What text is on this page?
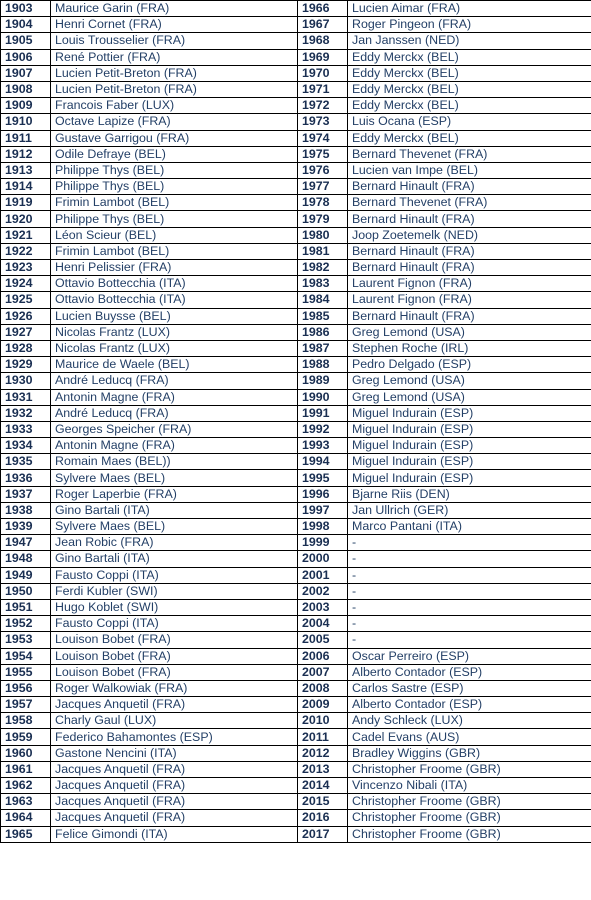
1903	Maurice Garin (FRA)	1966	Lucien Aimar (FRA)
1904	Henri Cornet (FRA)	1967	Roger Pingeon (FRA)
1905	Louis Trousselier (FRA)	1968	Jan Janssen (NED)
1906	René Pottier (FRA)	1969	Eddy Merckx (BEL)
1907	Lucien Petit-Breton (FRA)	1970	Eddy Merckx (BEL)
1908	Lucien Petit-Breton (FRA)	1971	Eddy Merckx (BEL)
1909	Francois Faber (LUX)	1972	Eddy Merckx (BEL)
1910	Octave Lapize (FRA)	1973	Luis Ocana (ESP)
1911	Gustave Garrigou (FRA)	1974	Eddy Merckx (BEL)
1912	Odile Defraye (BEL)	1975	Bernard Thevenet (FRA)
1913	Philippe Thys (BEL)	1976	Lucien van Impe (BEL)
1914	Philippe Thys (BEL)	1977	Bernard Hinault (FRA)
1919	Frimin Lambot (BEL)	1978	Bernard Thevenet (FRA)
1920	Philippe Thys (BEL)	1979	Bernard Hinault (FRA)
1921	Léon Scieur (BEL)	1980	Joop Zoetemelk (NED)
1922	Frimin Lambot (BEL)	1981	Bernard Hinault (FRA)
1923	Henri Pelissier (FRA)	1982	Bernard Hinault (FRA)
1924	Ottavio Bottecchia (ITA)	1983	Laurent Fignon (FRA)
1925	Ottavio Bottecchia (ITA)	1984	Laurent Fignon (FRA)
1926	Lucien Buysse (BEL)	1985	Bernard Hinault (FRA)
1927	Nicolas Frantz (LUX)	1986	Greg Lemond (USA)
1928	Nicolas Frantz (LUX)	1987	Stephen Roche (IRL)
1929	Maurice de Waele (BEL)	1988	Pedro Delgado (ESP)
1930	André Leducq (FRA)	1989	Greg Lemond (USA)
1931	Antonin Magne (FRA)	1990	Greg Lemond (USA)
1932	André Leducq (FRA)	1991	Miguel Indurain (ESP)
1933	Georges Speicher (FRA)	1992	Miguel Indurain (ESP)
1934	Antonin Magne (FRA)	1993	Miguel Indurain (ESP)
1935	Romain Maes (BEL))	1994	Miguel Indurain (ESP)
1936	Sylvere Maes (BEL)	1995	Miguel Indurain (ESP)
1937	Roger Laperbie (FRA)	1996	Bjarne Riis (DEN)
1938	Gino Bartali (ITA)	1997	Jan Ullrich (GER)
1939	Sylvere Maes (BEL)	1998	Marco Pantani (ITA)
1947	Jean Robic (FRA)	1999	-
1948	Gino Bartali (ITA)	2000	-
1949	Fausto Coppi (ITA)	2001	-
1950	Ferdi Kubler (SWI)	2002	-
1951	Hugo Koblet (SWI)	2003	-
1952	Fausto Coppi (ITA)	2004	-
1953	Louison Bobet (FRA)	2005	-
1954	Louison Bobet (FRA)	2006	Oscar Perreiro (ESP)
1955	Louison Bobet (FRA)	2007	Alberto Contador (ESP)
1956	Roger Walkowiak (FRA)	2008	Carlos Sastre (ESP)
1957	Jacques Anquetil (FRA)	2009	Alberto Contador (ESP)
1958	Charly Gaul (LUX)	2010	Andy Schleck (LUX)
1959	Federico Bahamontes (ESP)	2011	Cadel Evans (AUS)
1960	Gastone Nencini (ITA)	2012	Bradley Wiggins (GBR)
1961	Jacques Anquetil (FRA)	2013	Christopher Froome (GBR)
1962	Jacques Anquetil (FRA)	2014	Vincenzo Nibali (ITA)
1963	Jacques Anquetil (FRA)	2015	Christopher Froome (GBR)
1964	Jacques Anquetil (FRA)	2016	Christopher Froome (GBR)
1965	Felice Gimondi (ITA)	2017	Christopher Froome (GBR)
